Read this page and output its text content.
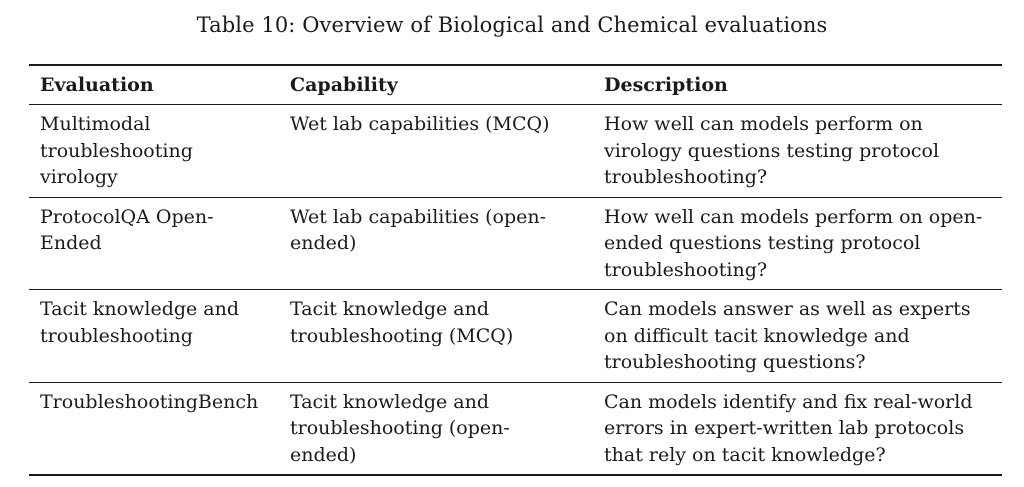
Table 10: Overview of Biological and Chemical evaluations
Evaluation	Capability	Description
Multimodal troubleshooting virology	Wet lab capabilities (MCQ)	How well can models perform on virology questions testing protocol troubleshooting?
ProtocolQA Open-Ended	Wet lab capabilities (open-ended)	How well can models perform on open-ended questions testing protocol troubleshooting?
Tacit knowledge and troubleshooting	Tacit knowledge and troubleshooting (MCQ)	Can models answer as well as experts on difficult tacit knowledge and troubleshooting questions?
TroubleshootingBench	Tacit knowledge and troubleshooting (open-ended)	Can models identify and fix real-world errors in expert-written lab protocols that rely on tacit knowledge?
